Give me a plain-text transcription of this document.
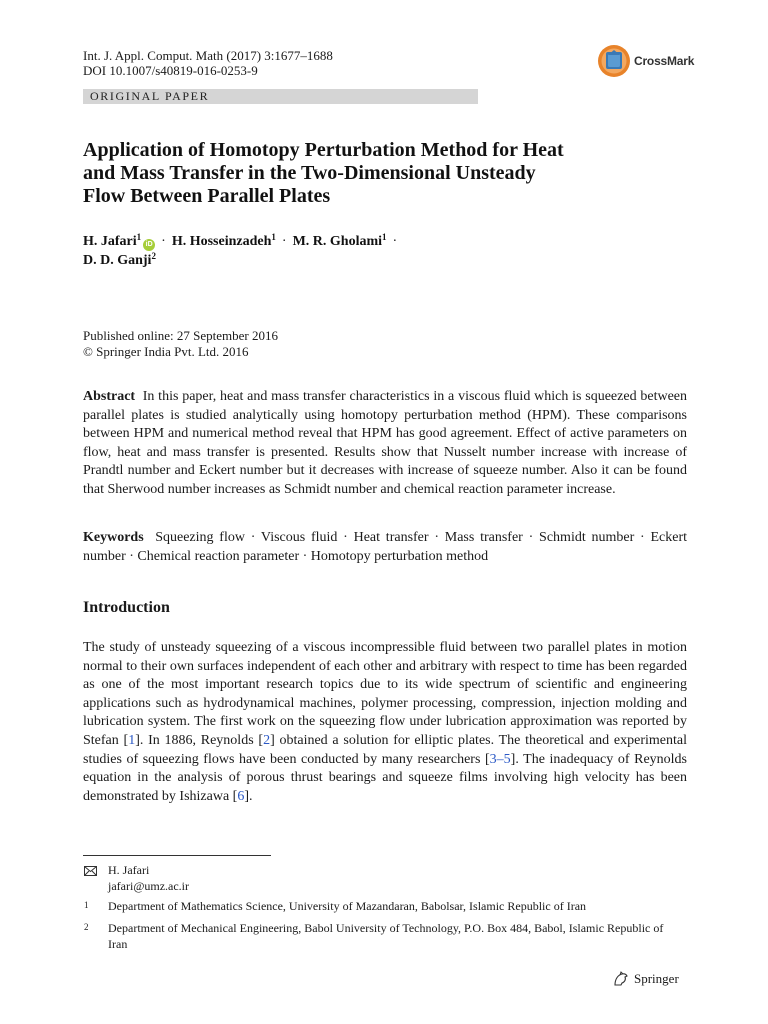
Int. J. Appl. Comput. Math (2017) 3:1677–1688
DOI 10.1007/s40819-016-0253-9
CrossMark
ORIGINAL PAPER
Application of Homotopy Perturbation Method for Heat
and Mass Transfer in the Two-Dimensional Unsteady
Flow Between Parallel Plates
H. Jafari$^1$iD · H. Hosseinzadeh$^1$ · M. R. Gholami$^1$ ·
D. D. Ganji$^2$
Published online: 27 September 2016
© Springer India Pvt. Ltd. 2016
Abstract In this paper, heat and mass transfer characteristics in a viscous fluid which is squeezed between parallel plates is studied analytically using homotopy perturbation method (HPM). These comparisons between HPM and numerical method reveal that HPM has good agreement. Effect of active parameters on flow, heat and mass transfer is presented. Results show that Nusselt number increase with increase of Prandtl number and Eckert number but it decreases with increase of squeeze number. Also it can be found that Sherwood number increases as Schmidt number and chemical reaction parameter increase.
Keywords Squeezing flow · Viscous fluid · Heat transfer · Mass transfer · Schmidt number · Eckert number · Chemical reaction parameter · Homotopy perturbation method
Introduction
The study of unsteady squeezing of a viscous incompressible fluid between two parallel plates in motion normal to their own surfaces independent of each other and arbitrary with respect to time has been regarded as one of the most important research topics due to its wide spectrum of scientific and engineering applications such as hydrodynamical machines, polymer processing, compression, injection molding and lubrication system. The first work on the squeezing flow under lubrication approximation was reported by Stefan [1]. In 1886, Reynolds [2] obtained a solution for elliptic plates. The theoretical and experimental studies of squeezing flows have been conducted by many researchers [3–5]. The inadequacy of Reynolds equation in the analysis of porous thrust bearings and squeeze films involving high velocity has been demonstrated by Ishizawa [6].
H. Jafari
jafari@umz.ac.ir
1 Department of Mathematics Science, University of Mazandaran, Babolsar, Islamic Republic of Iran
2 Department of Mechanical Engineering, Babol University of Technology, P.O. Box 484, Babol, Islamic Republic of Iran
Springer
